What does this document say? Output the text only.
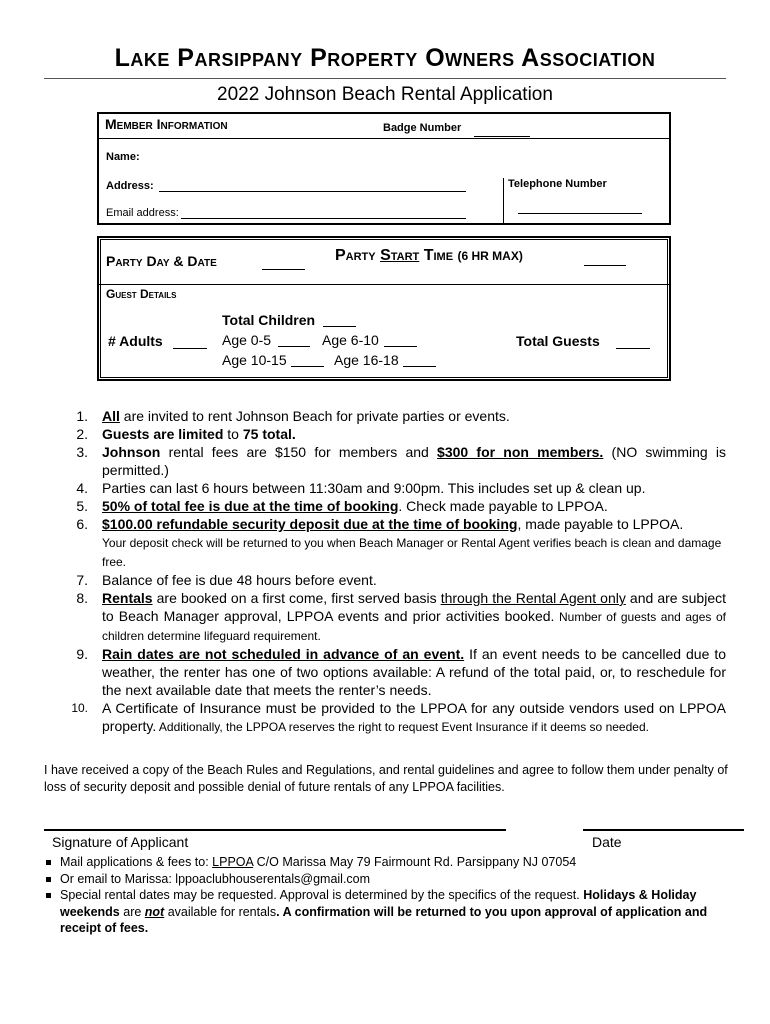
Lake Parsippany Property Owners Association
2022 Johnson Beach Rental Application
Member Information	Badge Number
Name:
Address:	Telephone Number
Email address:
Party Day & Date	Party Start Time (6 HR MAX)
Guest Details
# Adults
Total Children
Age 0-5	Age 6-10
Age 10-15	Age 16-18
Total Guests
1. All are invited to rent Johnson Beach for private parties or events.
2. Guests are limited to 75 total.
3. Johnson rental fees are $150 for members and $300 for non members. (NO swimming is permitted.)
4. Parties can last 6 hours between 11:30am and 9:00pm. This includes set up & clean up.
5. 50% of total fee is due at the time of booking. Check made payable to LPPOA.
6. $100.00 refundable security deposit due at the time of booking, made payable to LPPOA.
Your deposit check will be returned to you when Beach Manager or Rental Agent verifies beach is clean and damage free.
7. Balance of fee is due 48 hours before event.
8. Rentals are booked on a first come, first served basis through the Rental Agent only and are subject to Beach Manager approval, LPPOA events and prior activities booked. Number of guests and ages of children determine lifeguard requirement.
9. Rain dates are not scheduled in advance of an event. If an event needs to be cancelled due to weather, the renter has one of two options available: A refund of the total paid, or, to reschedule for the next available date that meets the renter’s needs.
10. A Certificate of Insurance must be provided to the LPPOA for any outside vendors used on LPPOA property. Additionally, the LPPOA reserves the right to request Event Insurance if it deems so needed.
I have received a copy of the Beach Rules and Regulations, and rental guidelines and agree to follow them under penalty of loss of security deposit and possible denial of future rentals of any LPPOA facilities.
Signature of Applicant	Date
Mail applications & fees to: LPPOA C/O Marissa May 79 Fairmount Rd. Parsippany NJ 07054
Or email to Marissa: lppoaclubhouserentals@gmail.com
Special rental dates may be requested. Approval is determined by the specifics of the request. Holidays & Holiday weekends are not available for rentals. A confirmation will be returned to you upon approval of application and receipt of fees.
